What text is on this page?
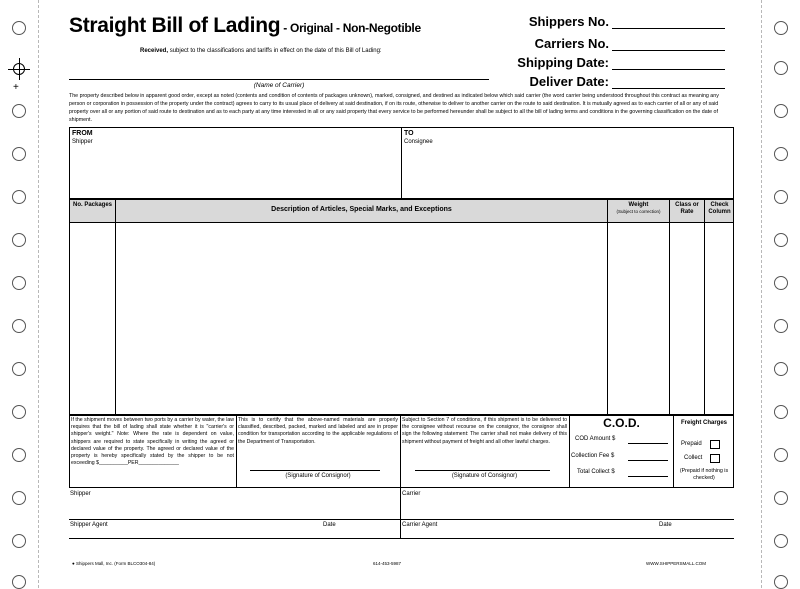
+
Straight Bill of Lading - Original - Non-Negotible
Received, subject to the classifications and tariffs in effect on the date of this Bill of Lading:
Shippers No.
Carriers No.
Shipping Date:
Deliver Date:
(Name of Carrier)
The property described below in apparent good order, except as noted (contents and condition of contents of packages unknown), marked, consigned, and destined as indicated below which said carrier (the word carrier being understood throughout this contract as meaning any person or corporation in possession of the property under the contract) agrees to carry to its usual place of delivery at said destination, if on its route, otherwise to deliver to another carrier on the route to said destination. It is mutually agreed as to each carrier of all or any of said property over all or any portion of said route to destination and as to each party at any time interested in all or any said property that every service to be performed hereunder shall be subject to all the bill of lading terms and conditions in the governing classification on the date of shipment.
FROM
Shipper
TO
Consignee
No. Packages
Description of Articles, Special Marks, and Exceptions
Weight
(Subject to correction)
Class or Rate
Check Column
If the shipment moves between two ports by a carrier by water, the law requires that the bill of lading shall state whether it is "carrier's or shipper's weight." Note: Where the rate is dependent on value, shippers are required to state specifically in writing the agreed or declared value of the property. The agreed or declared value of the property is hereby specifically stated by the shipper to be not exceeding $__________PER______________
This is to certify that the above-named materials are properly classified, described, packed, marked and labeled and are in proper condition for transportation according to the applicable regulations of the Department of Transportation.
(Signature of Consignor)
Subject to Section 7 of conditions, if this shipment is to be delivered to the consignee without recourse on the consignor, the consignor shall sign the following statement: The carrier shall not make delivery of this shipment without payment of freight and all other lawful charges.
(Signature of Consignor)
C.O.D.
COD Amount $
Collection Fee $
Total Collect $
Freight Charges
Prepaid
Collect
(Prepaid if nothing is checked)
Shipper	Carrier
Shipper Agent	Date	Carrier Agent	Date
● Shippers Mall, Inc. (Form BLCO304-84)	614-453-5987	WWW.SHIPPERSMALL.COM
